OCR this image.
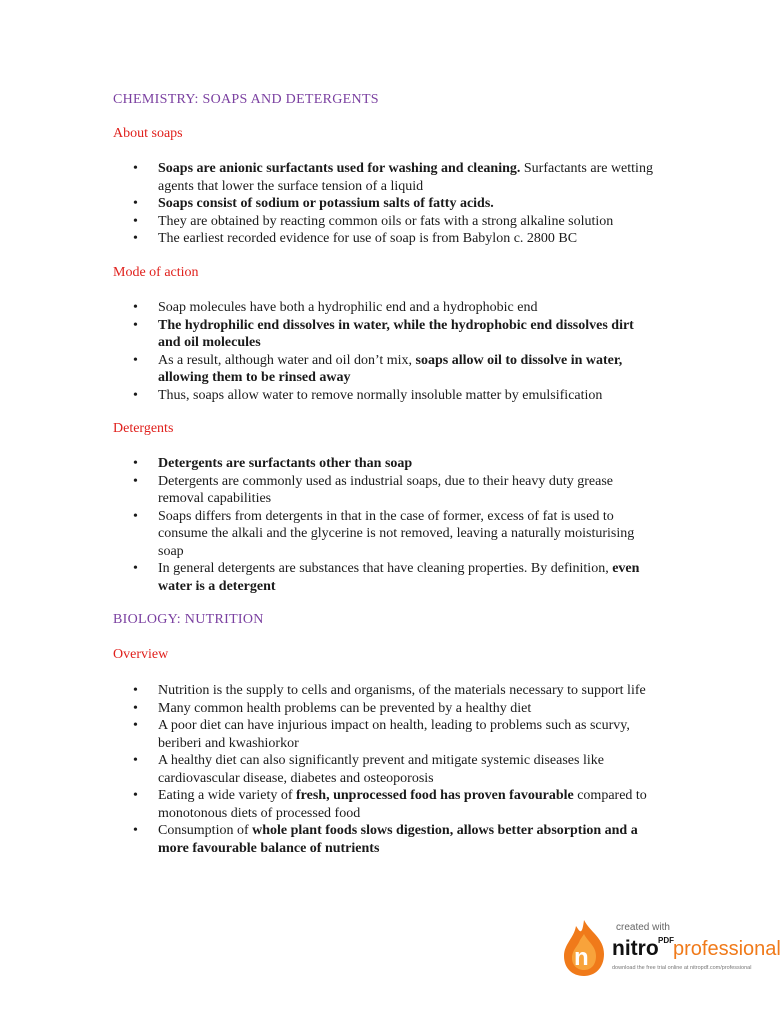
CHEMISTRY: SOAPS AND DETERGENTS
About soaps
• Soaps are anionic surfactants used for washing and cleaning. Surfactants are wetting agents that lower the surface tension of a liquid
• Soaps consist of sodium or potassium salts of fatty acids.
• They are obtained by reacting common oils or fats with a strong alkaline solution
• The earliest recorded evidence for use of soap is from Babylon c. 2800 BC
Mode of action
• Soap molecules have both a hydrophilic end and a hydrophobic end
• The hydrophilic end dissolves in water, while the hydrophobic end dissolves dirt and oil molecules
• As a result, although water and oil don’t mix, soaps allow oil to dissolve in water, allowing them to be rinsed away
• Thus, soaps allow water to remove normally insoluble matter by emulsification
Detergents
• Detergents are surfactants other than soap
• Detergents are commonly used as industrial soaps, due to their heavy duty grease removal capabilities
• Soaps differs from detergents in that in the case of former, excess of fat is used to consume the alkali and the glycerine is not removed, leaving a naturally moisturising soap
• In general detergents are substances that have cleaning properties. By definition, even water is a detergent
BIOLOGY: NUTRITION
Overview
• Nutrition is the supply to cells and organisms, of the materials necessary to support life
• Many common health problems can be prevented by a healthy diet
• A poor diet can have injurious impact on health, leading to problems such as scurvy, beriberi and kwashiorkor
• A healthy diet can also significantly prevent and mitigate systemic diseases like cardiovascular disease, diabetes and osteoporosis
• Eating a wide variety of fresh, unprocessed food has proven favourable compared to monotonous diets of processed food
• Consumption of whole plant foods slows digestion, allows better absorption and a more favourable balance of nutrients
n
created with
nitro PDF professional
download the free trial online at nitropdf.com/professional
